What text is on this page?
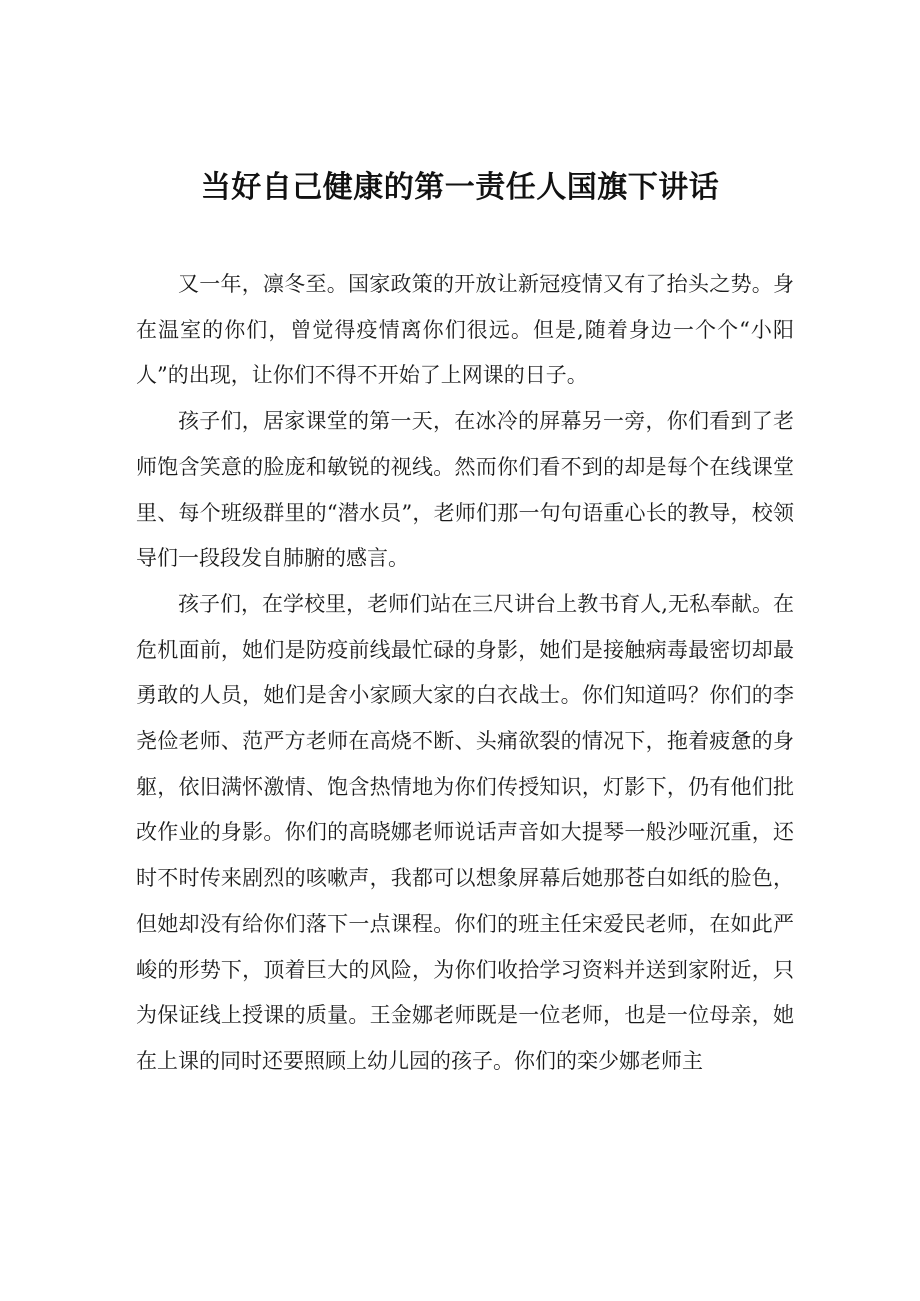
当好自己健康的第一责任人国旗下讲话

又一年，凛冬至。国家政策的开放让新冠疫情又有了抬头之势。身在温室的你们，曾觉得疫情离你们很远。但是,随着身边一个个“小阳人”的出现，让你们不得不开始了上网课的日子。

孩子们，居家课堂的第一天，在冰冷的屏幕另一旁，你们看到了老师饱含笑意的脸庞和敏锐的视线。然而你们看不到的却是每个在线课堂里、每个班级群里的“潜水员”，老师们那一句句语重心长的教导，校领导们一段段发自肺腑的感言。

孩子们，在学校里，老师们站在三尺讲台上教书育人,无私奉献。在危机面前，她们是防疫前线最忙碌的身影，她们是接触病毒最密切却最勇敢的人员，她们是舍小家顾大家的白衣战士。你们知道吗？你们的李尧俭老师、范严方老师在高烧不断、头痛欲裂的情况下，拖着疲惫的身躯，依旧满怀激情、饱含热情地为你们传授知识，灯影下，仍有他们批改作业的身影。你们的高晓娜老师说话声音如大提琴一般沙哑沉重，还时不时传来剧烈的咳嗽声，我都可以想象屏幕后她那苍白如纸的脸色，但她却没有给你们落下一点课程。你们的班主任宋爱民老师，在如此严峻的形势下，顶着巨大的风险，为你们收拾学习资料并送到家附近，只为保证线上授课的质量。王金娜老师既是一位老师，也是一位母亲，她在上课的同时还要照顾上幼儿园的孩子。你们的栾少娜老师主
